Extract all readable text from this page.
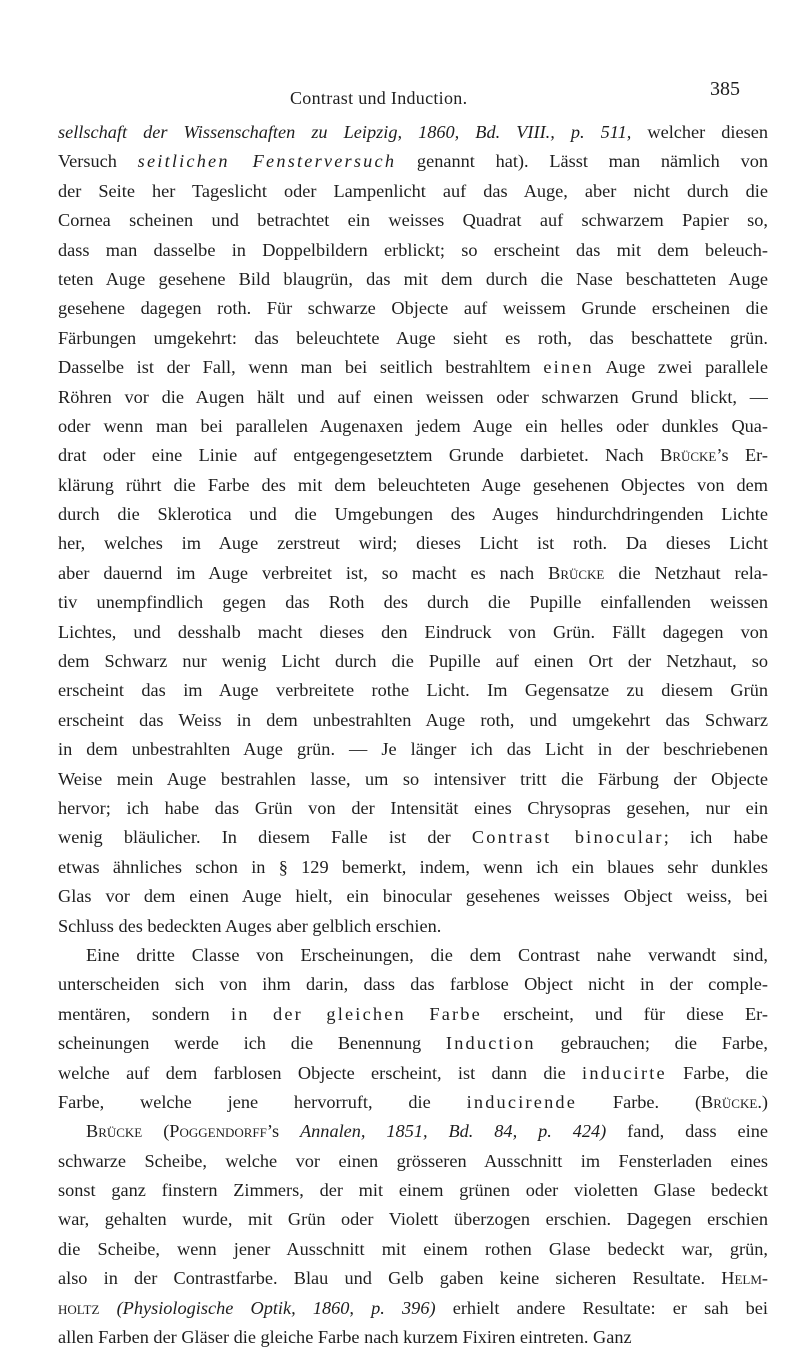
Contrast und Induction.	385
sellschaft der Wissenschaften zu Leipzig, 1860, Bd. VIII., p. 511, welcher diesen
Versuch seitlichen Fensterversuch genannt hat). Lässt man nämlich von
der Seite her Tageslicht oder Lampenlicht auf das Auge, aber nicht durch die
Cornea scheinen und betrachtet ein weisses Quadrat auf schwarzem Papier so,
dass man dasselbe in Doppelbildern erblickt; so erscheint das mit dem beleuch-
teten Auge gesehene Bild blaugrün, das mit dem durch die Nase beschatteten Auge
gesehene dagegen roth. Für schwarze Objecte auf weissem Grunde erscheinen die
Färbungen umgekehrt: das beleuchtete Auge sieht es roth, das beschattete grün.
Dasselbe ist der Fall, wenn man bei seitlich bestrahltem einen Auge zwei parallele
Röhren vor die Augen hält und auf einen weissen oder schwarzen Grund blickt, —
oder wenn man bei parallelen Augenaxen jedem Auge ein helles oder dunkles Qua-
drat oder eine Linie auf entgegengesetztem Grunde darbietet. Nach Brücke’s Er-
klärung rührt die Farbe des mit dem beleuchteten Auge gesehenen Objectes von dem
durch die Sklerotica und die Umgebungen des Auges hindurchdringenden Lichte
her, welches im Auge zerstreut wird; dieses Licht ist roth. Da dieses Licht
aber dauernd im Auge verbreitet ist, so macht es nach Brücke die Netzhaut rela-
tiv unempfindlich gegen das Roth des durch die Pupille einfallenden weissen
Lichtes, und desshalb macht dieses den Eindruck von Grün. Fällt dagegen von
dem Schwarz nur wenig Licht durch die Pupille auf einen Ort der Netzhaut, so
erscheint das im Auge verbreitete rothe Licht. Im Gegensatze zu diesem Grün
erscheint das Weiss in dem unbestrahlten Auge roth, und umgekehrt das Schwarz
in dem unbestrahlten Auge grün. — Je länger ich das Licht in der beschriebenen
Weise mein Auge bestrahlen lasse, um so intensiver tritt die Färbung der Objecte
hervor; ich habe das Grün von der Intensität eines Chrysopras gesehen, nur ein
wenig bläulicher. In diesem Falle ist der Contrast binocular; ich habe
etwas ähnliches schon in § 129 bemerkt, indem, wenn ich ein blaues sehr dunkles
Glas vor dem einen Auge hielt, ein binocular gesehenes weisses Object weiss, bei
Schluss des bedeckten Auges aber gelblich erschien.
Eine dritte Classe von Erscheinungen, die dem Contrast nahe verwandt sind,
unterscheiden sich von ihm darin, dass das farblose Object nicht in der comple-
mentären, sondern in der gleichen Farbe erscheint, und für diese Er-
scheinungen werde ich die Benennung Induction gebrauchen; die Farbe,
welche auf dem farblosen Objecte erscheint, ist dann die inducirte Farbe, die
Farbe, welche jene hervorruft, die inducirende Farbe. (Brücke.)
Brücke (Poggendorff’s Annalen, 1851, Bd. 84, p. 424) fand, dass eine
schwarze Scheibe, welche vor einen grösseren Ausschnitt im Fensterladen eines
sonst ganz finstern Zimmers, der mit einem grünen oder violetten Glase bedeckt
war, gehalten wurde, mit Grün oder Violett überzogen erschien. Dagegen erschien
die Scheibe, wenn jener Ausschnitt mit einem rothen Glase bedeckt war, grün,
also in der Contrastfarbe. Blau und Gelb gaben keine sicheren Resultate. Helm-
holtz (Physiologische Optik, 1860, p. 396) erhielt andere Resultate: er sah bei
allen Farben der Gläser die gleiche Farbe nach kurzem Fixiren eintreten. Ganz
